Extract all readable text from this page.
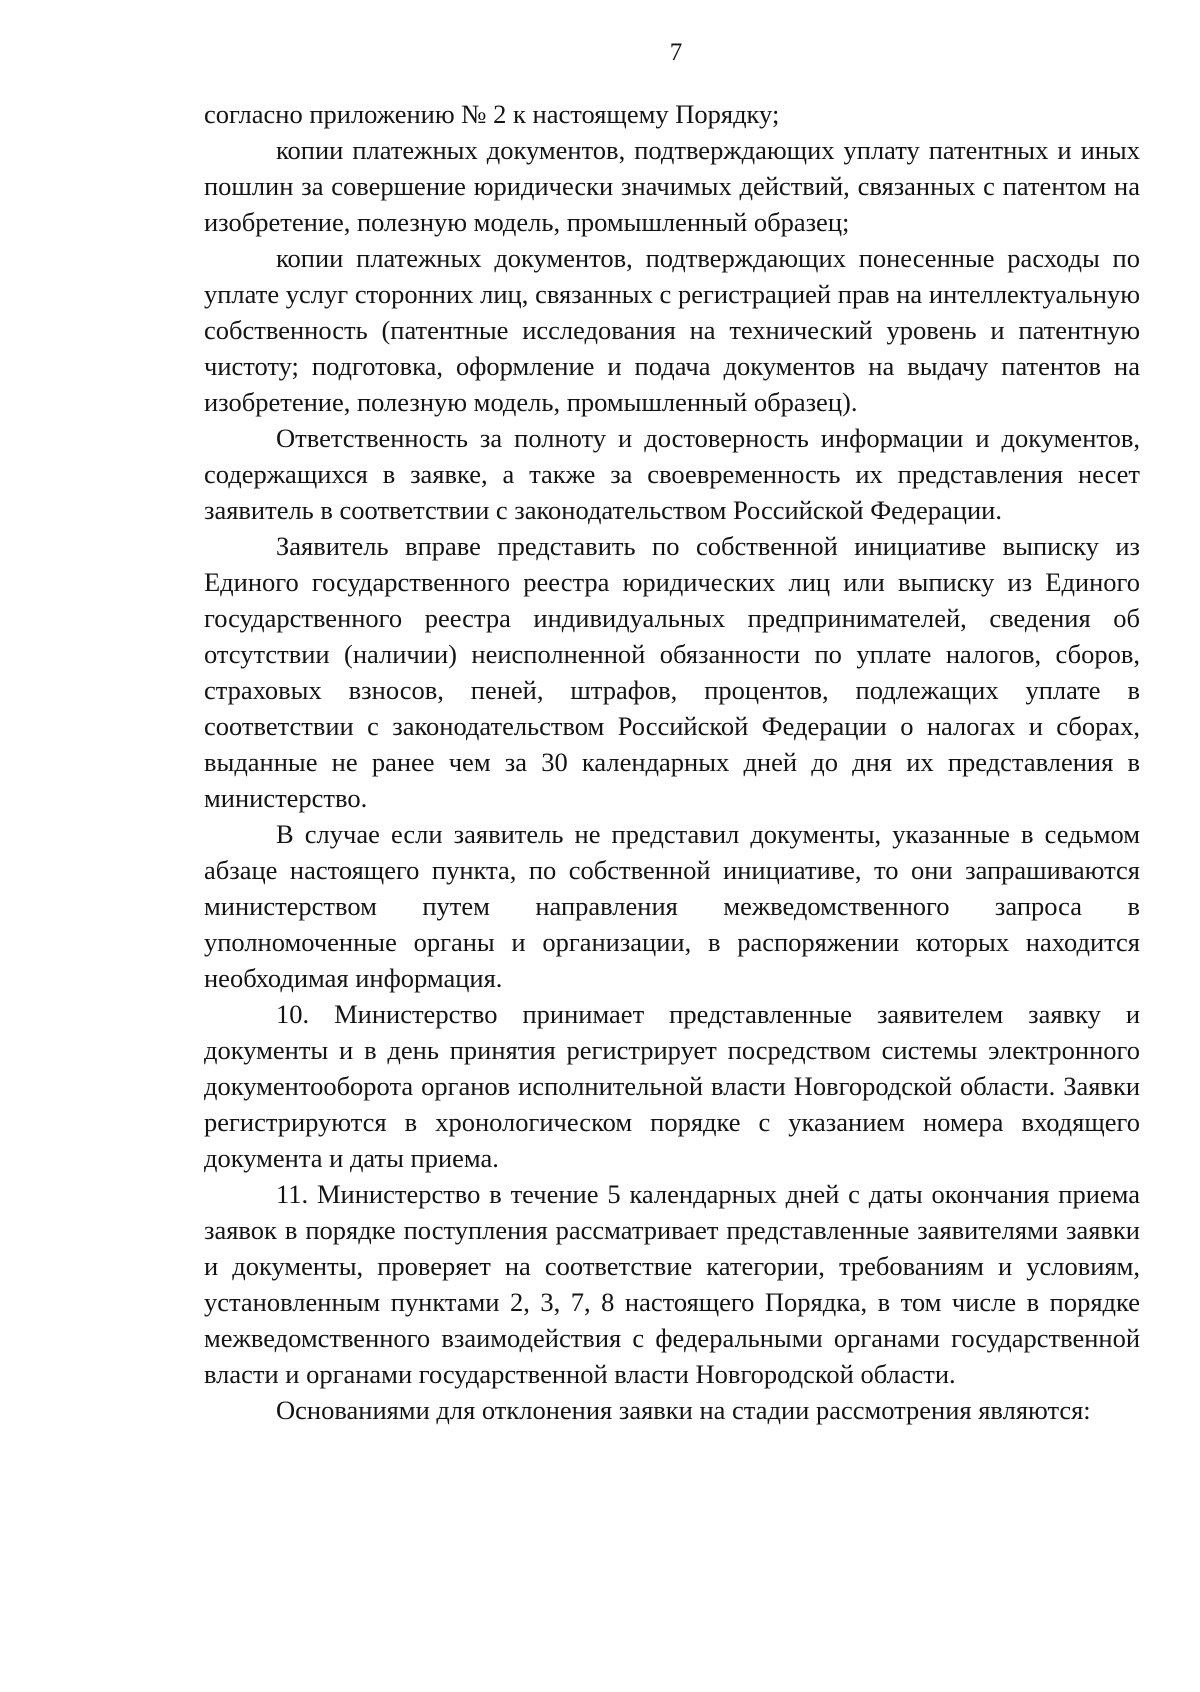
7

согласно приложению № 2 к настоящему Порядку;

копии платежных документов, подтверждающих уплату патентных и иных пошлин за совершение юридически значимых действий, связанных с патентом на изобретение, полезную модель, промышленный образец;

копии платежных документов, подтверждающих понесенные расходы по уплате услуг сторонних лиц, связанных с регистрацией прав на интеллектуальную собственность (патентные исследования на технический уровень и патентную чистоту; подготовка, оформление и подача документов на выдачу патентов на изобретение, полезную модель, промышленный образец).

Ответственность за полноту и достоверность информации и документов, содержащихся в заявке, а также за своевременность их представления несет заявитель в соответствии с законодательством Российской Федерации.

Заявитель вправе представить по собственной инициативе выписку из Единого государственного реестра юридических лиц или выписку из Единого государственного реестра индивидуальных предпринимателей, сведения об отсутствии (наличии) неисполненной обязанности по уплате налогов, сборов, страховых взносов, пеней, штрафов, процентов, подлежащих уплате в соответствии с законодательством Российской Федерации о налогах и сборах, выданные не ранее чем за 30 календарных дней до дня их представления в министерство.

В случае если заявитель не представил документы, указанные в седьмом абзаце настоящего пункта, по собственной инициативе, то они запрашиваются министерством путем направления межведомственного запроса в уполномоченные органы и организации, в распоряжении которых находится необходимая информация.

10. Министерство принимает представленные заявителем заявку и документы и в день принятия регистрирует посредством системы электронного документооборота органов исполнительной власти Новгородской области. Заявки регистрируются в хронологическом порядке с указанием номера входящего документа и даты приема.

11. Министерство в течение 5 календарных дней с даты окончания приема заявок в порядке поступления рассматривает представленные заявителями заявки и документы, проверяет на соответствие категории, требованиям и условиям, установленным пунктами 2, 3, 7, 8 настоящего Порядка, в том числе в порядке межведомственного взаимодействия с федеральными органами государственной власти и органами государственной власти Новгородской области.

Основаниями для отклонения заявки на стадии рассмотрения являются:
